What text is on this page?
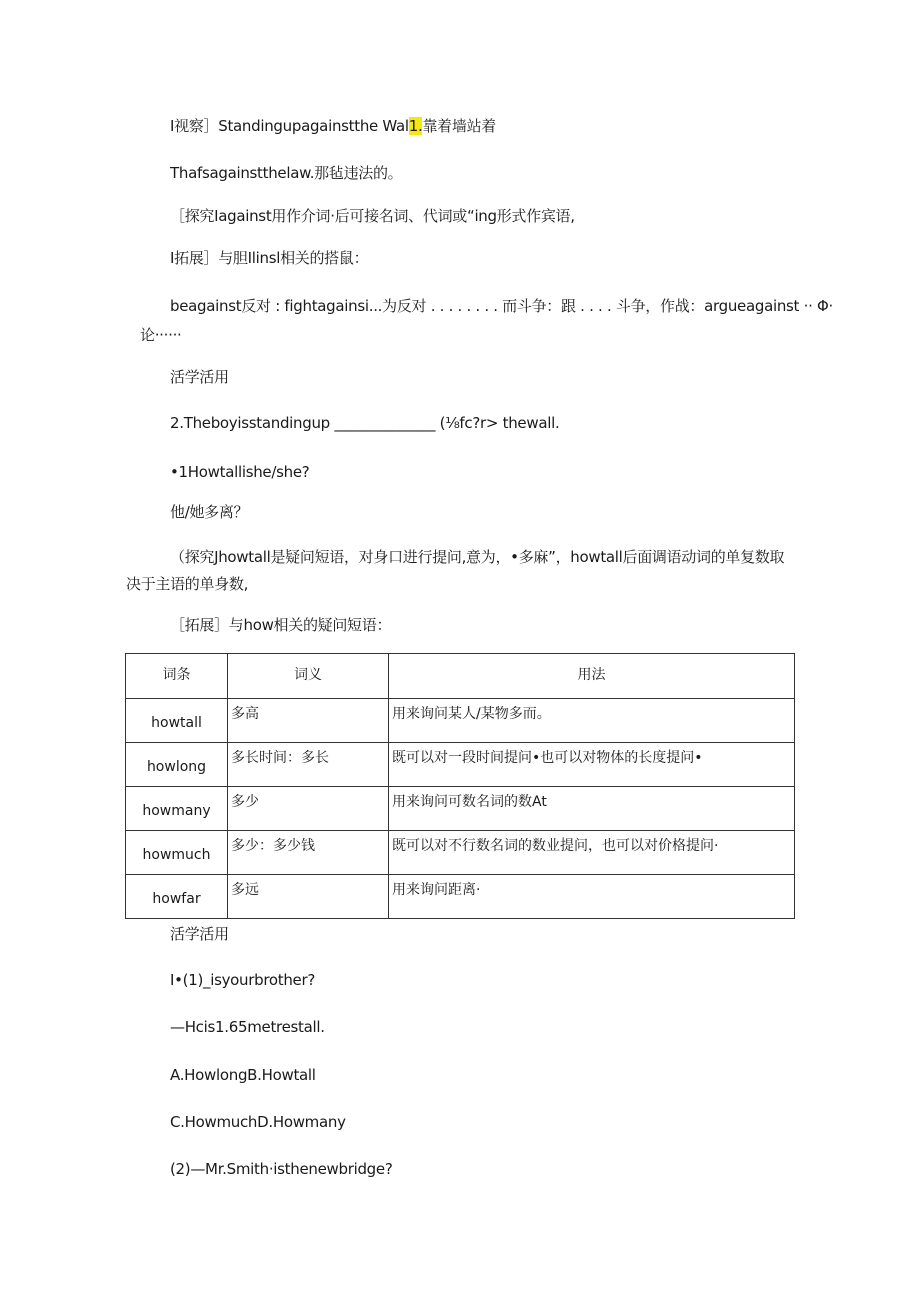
I视察］Standingupagainstthe Wal1.靠着墙站着
Thafsagainstthelaw.那毡违法的。
［探究Iagainst用作介词·后可接名词、代词或“ing形式作宾语,
I拓展］与胆Ilinsl相关的搭鼠：
beagainst反对 : fightagainsi...为反对 . . . . . . . . 而斗争：跟 . . . . 斗争，作战：argueagainst ·· Φ·
论······
活学活用
2.Theboyisstandingup ______________ (⅛fc?r> thewall.
•1Howtallishe/she?
他/她多离？
（探究Jhowtall是疑问短语，对身口进行提问,意为，•多麻”，howtall后面调语动词的单复数取决于主语的单身数,
［拓展］与how相关的疑问短语：
词条	词义	用法
howtall	多高	用来询问某人/某物多而。
howlong	多长时间：多长	既可以对一段时间提问•也可以对物体的长度提问•
howmany	多少	用来询问可数名词的数At
howmuch	多少：多少钱	既可以对不行数名词的数业提问，也可以对价格提问·
howfar	多远	用来询问距离·
活学活用
I•(1)_isyourbrother?
—Hcis1.65metrestall.
A.HowlongB.Howtall
C.HowmuchD.Howmany
(2)—Mr.Smith·isthenewbridge?
